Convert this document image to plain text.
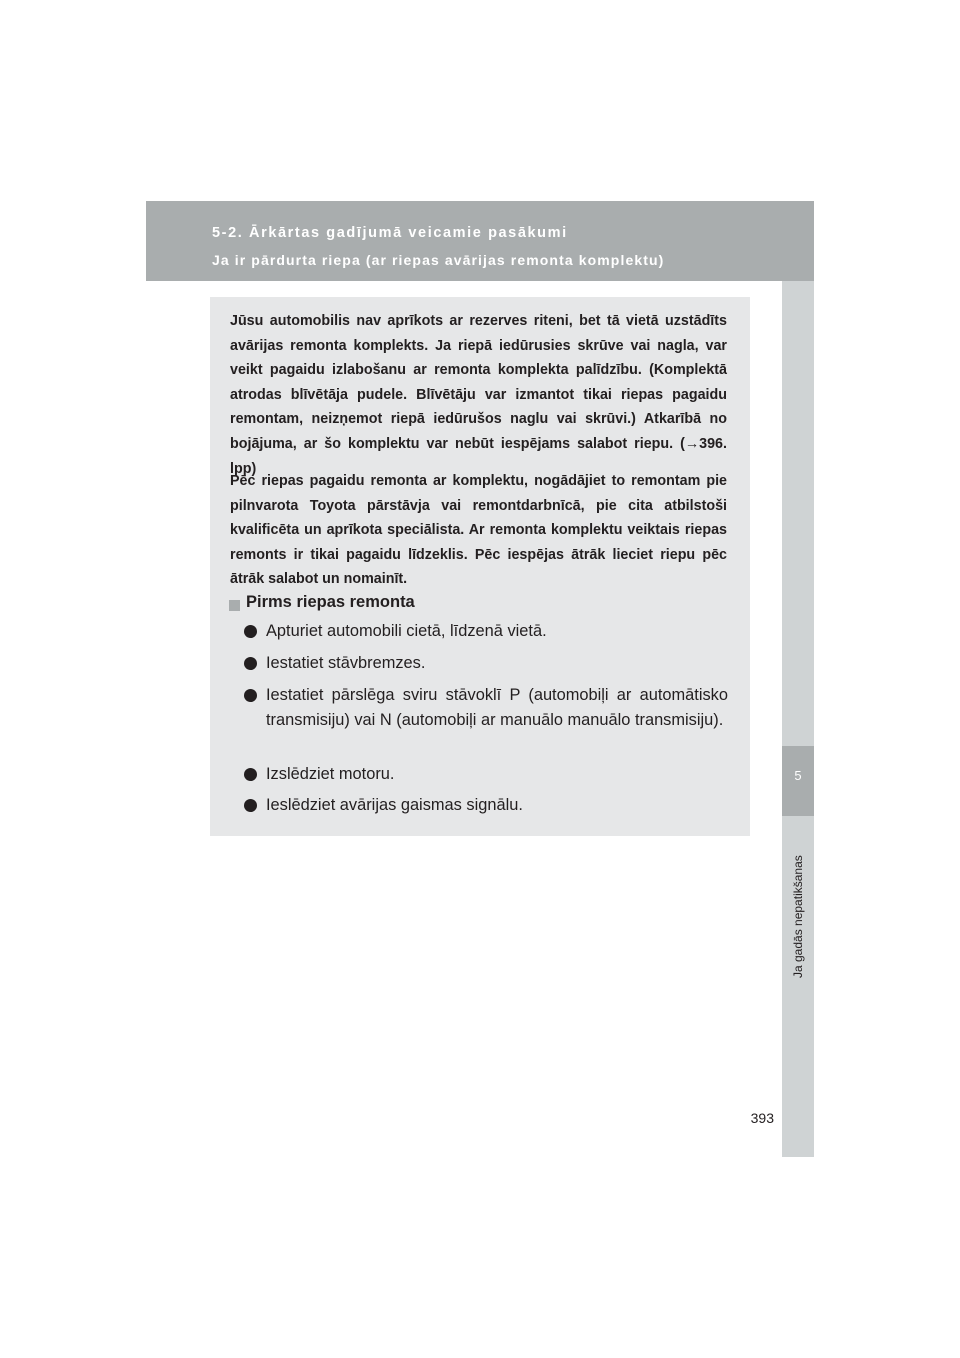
5-2. Ārkārtas gadījumā veicamie pasākumi
Ja ir pārdurta riepa (ar riepas avārijas remonta komplektu)
5
Ja gadās nepatikšanas

Jūsu automobilis nav aprīkots ar rezerves riteni, bet tā vietā uzstādīts avārijas remonta komplekts. Ja riepā iedūrusies skrūve vai nagla, var veikt pagaidu izlabošanu ar remonta komplekta palīdzību. (Komplektā atrodas blīvētāja pudele. Blīvētāju var izmantot tikai riepas pagaidu remontam, neizņemot riepā iedūrušos naglu vai skrūvi.) Atkarībā no bojājuma, ar šo komplektu var nebūt iespējams salabot riepu. (→396. lpp)

Pēc riepas pagaidu remonta ar komplektu, nogādājiet to remontam pie pilnvarota Toyota pārstāvja vai remontdarbnīcā, pie cita atbilstoši kvalificēta un aprīkota speciālista. Ar remonta komplektu veiktais riepas remonts ir tikai pagaidu līdzeklis. Pēc iespējas ātrāk lieciet riepu pēc ātrāk salabot un nomainīt.

Pirms riepas remonta
Apturiet automobili cietā, līdzenā vietā.
Iestatiet stāvbremzes.
Iestatiet pārslēga sviru stāvoklī P (automobiļi ar automātisko transmisiju) vai N (automobiļi ar manuālo manuālo transmisiju).
Izslēdziet motoru.
Ieslēdziet avārijas gaismas signālu.
393
